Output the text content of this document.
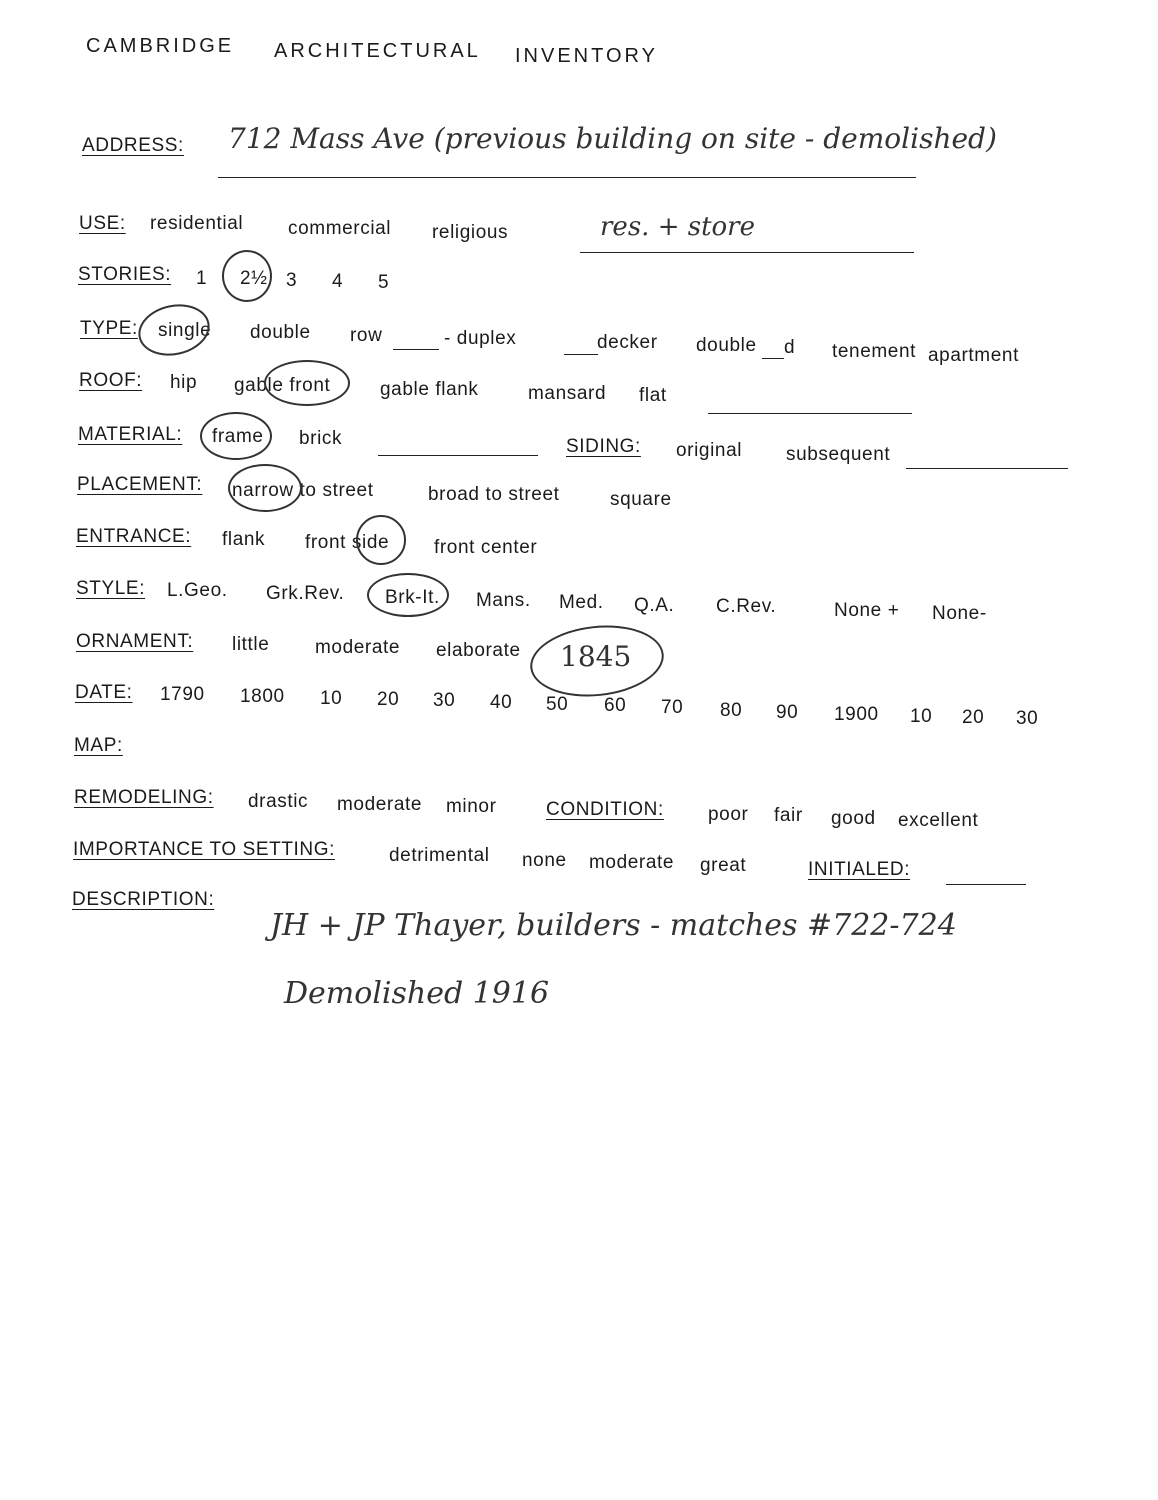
CAMBRIDGE ARCHITECTURAL INVENTORY
ADDRESS: 712 Mass Ave (previous building on site - demolished)
USE: residential commercial religious	res. + store
STORIES: 1 2½ 3 4 5
TYPE: single double row	- duplex	decker double d tenement apartment
ROOF: hip gable front	gable flank	mansard flat
MATERIAL: frame brick	SIDING: original subsequent
PLACEMENT: narrow to street	broad to street	square
ENTRANCE: flank front side front center
STYLE: L.Geo. Grk.Rev. Brk-It. Mans. Med. Q.A. C.Rev.	None + None-
ORNAMENT: little moderate elaborate 1845
DATE: 1790 1800 10 20 30 40 50 60 70 80 90 1900 10 20 30
MAP:
REMODELING: drastic moderate minor	CONDITION: poor fair good excellent
IMPORTANCE TO SETTING:	detrimental none moderate great	INITIALED:
DESCRIPTION:
JH + JP Thayer, builders - matches #722-724
Demolished 1916
